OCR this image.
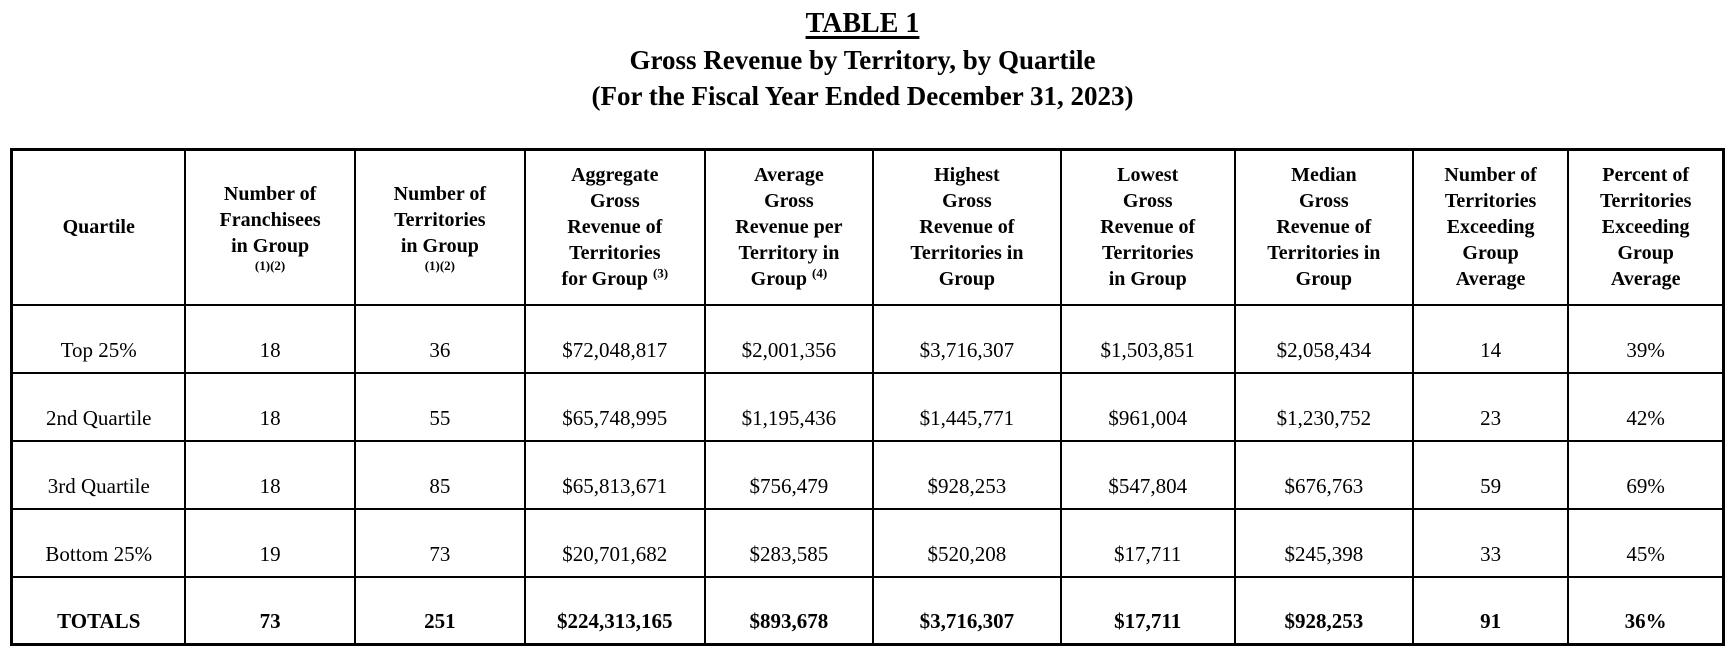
TABLE 1
Gross Revenue by Territory, by Quartile
(For the Fiscal Year Ended December 31, 2023)
Quartile	Number of
Franchisees
in Group
(1)(2)	Number of
Territories
in Group
(1)(2)	Aggregate
Gross
Revenue of
Territories
for Group $^{(3)}$	Average
Gross
Revenue per
Territory in
Group $^{(4)}$	Highest
Gross
Revenue of
Territories in
Group	Lowest
Gross
Revenue of
Territories
in Group	Median
Gross
Revenue of
Territories in
Group	Number of
Territories
Exceeding
Group
Average	Percent of
Territories
Exceeding
Group
Average
Top 25%	18	36	$72,048,817	$2,001,356	$3,716,307	$1,503,851	$2,058,434	14	39%
2nd Quartile	18	55	$65,748,995	$1,195,436	$1,445,771	$961,004	$1,230,752	23	42%
3rd Quartile	18	85	$65,813,671	$756,479	$928,253	$547,804	$676,763	59	69%
Bottom 25%	19	73	$20,701,682	$283,585	$520,208	$17,711	$245,398	33	45%
TOTALS	73	251	$224,313,165	$893,678	$3,716,307	$17,711	$928,253	91	36%
